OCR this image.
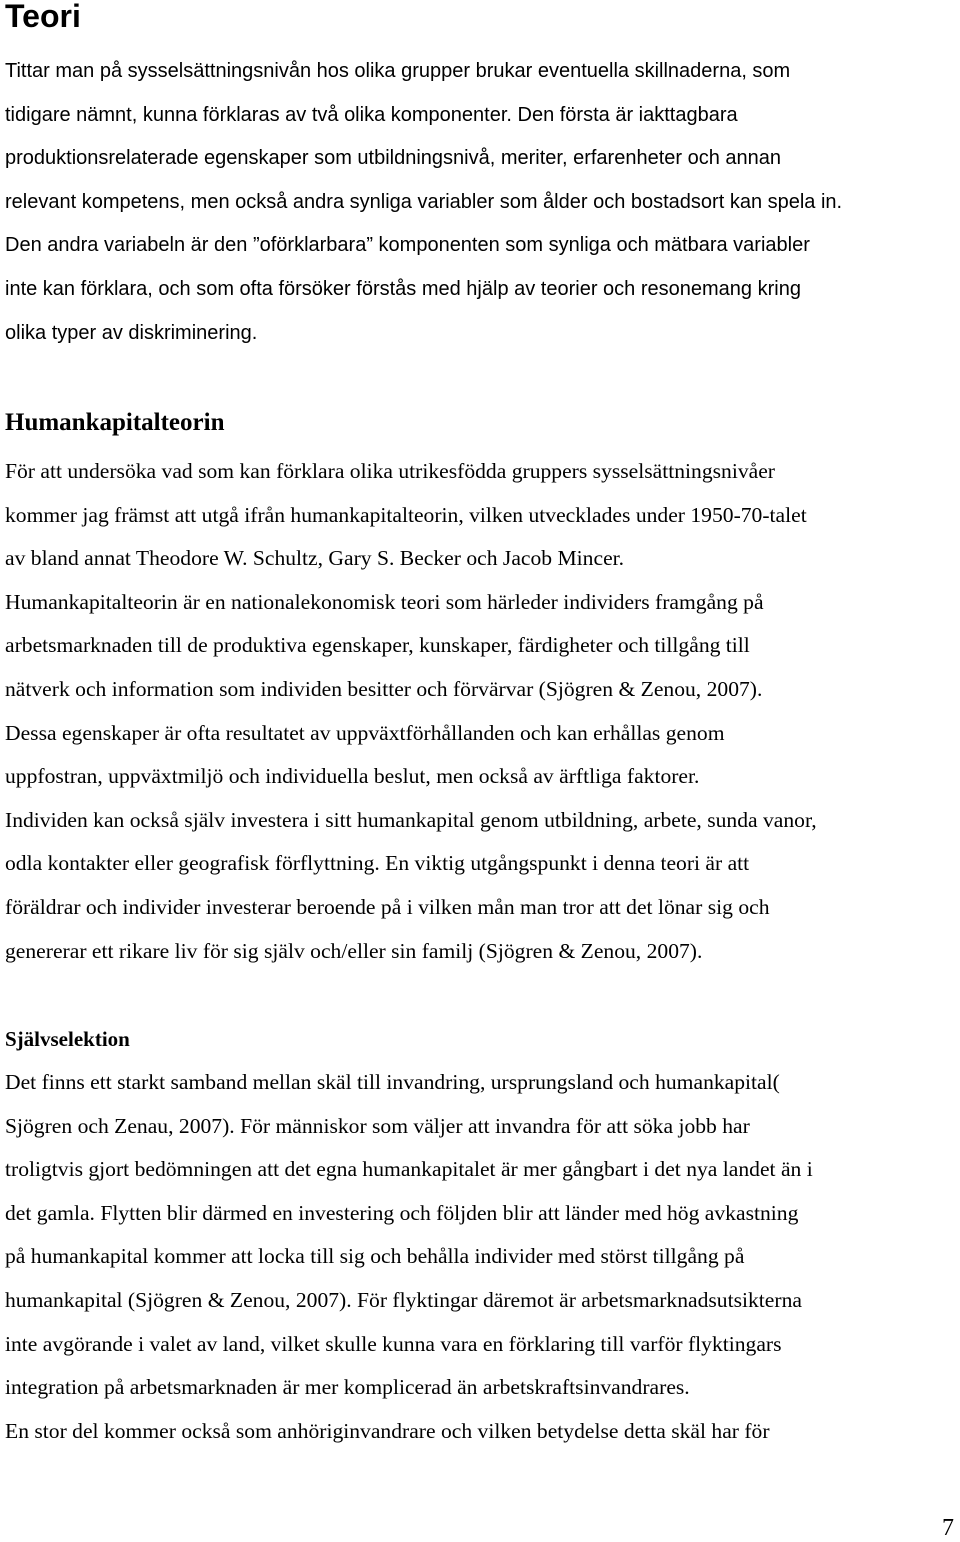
Teori
Tittar man på sysselsättningsnivån hos olika grupper brukar eventuella skillnaderna, som
tidigare nämnt, kunna förklaras av två olika komponenter. Den första är iakttagbara
produktionsrelaterade egenskaper som utbildningsnivå, meriter, erfarenheter och annan
relevant kompetens, men också andra synliga variabler som ålder och bostadsort kan spela in.
Den andra variabeln är den ”oförklarbara” komponenten som synliga och mätbara variabler
inte kan förklara, och som ofta försöker förstås med hjälp av teorier och resonemang kring
olika typer av diskriminering.
Humankapitalteorin
För att undersöka vad som kan förklara olika utrikesfödda gruppers sysselsättningsnivåer
kommer jag främst att utgå ifrån humankapitalteorin, vilken utvecklades under 1950-70-talet
av bland annat Theodore W. Schultz, Gary S. Becker och Jacob Mincer.
Humankapitalteorin är en nationalekonomisk teori som härleder individers framgång på
arbetsmarknaden till de produktiva egenskaper, kunskaper, färdigheter och tillgång till
nätverk och information som individen besitter och förvärvar (Sjögren & Zenou, 2007).
Dessa egenskaper är ofta resultatet av uppväxtförhållanden och kan erhållas genom
uppfostran, uppväxtmiljö och individuella beslut, men också av ärftliga faktorer.
Individen kan också själv investera i sitt humankapital genom utbildning, arbete, sunda vanor,
odla kontakter eller geografisk förflyttning. En viktig utgångspunkt i denna teori är att
föräldrar och individer investerar beroende på i vilken mån man tror att det lönar sig och
genererar ett rikare liv för sig själv och/eller sin familj (Sjögren & Zenou, 2007).
Självselektion
Det finns ett starkt samband mellan skäl till invandring, ursprungsland och humankapital(
Sjögren och Zenau, 2007). För människor som väljer att invandra för att söka jobb har
troligtvis gjort bedömningen att det egna humankapitalet är mer gångbart i det nya landet än i
det gamla. Flytten blir därmed en investering och följden blir att länder med hög avkastning
på humankapital kommer att locka till sig och behålla individer med störst tillgång på
humankapital (Sjögren & Zenou, 2007). För flyktingar däremot är arbetsmarknadsutsikterna
inte avgörande i valet av land, vilket skulle kunna vara en förklaring till varför flyktingars
integration på arbetsmarknaden är mer komplicerad än arbetskraftsinvandrares.
En stor del kommer också som anhöriginvandrare och vilken betydelse detta skäl har för
7
